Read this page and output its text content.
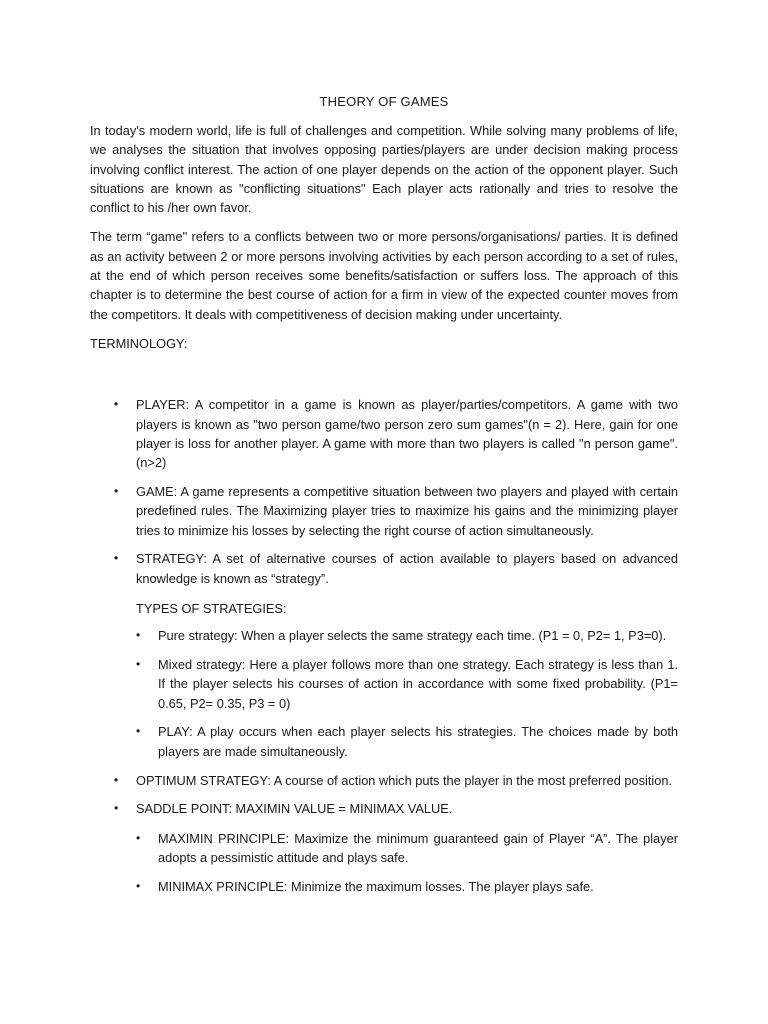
THEORY OF GAMES

In today's modern world, life is full of challenges and competition. While solving many problems of life, we analyses the situation that involves opposing parties/players are under decision making process involving conflict interest. The action of one player depends on the action of the opponent player. Such situations are known as "conflicting situations" Each player acts rationally and tries to resolve the conflict to his /her own favor.

The term “game" refers to a conflicts between two or more persons/organisations/ parties. It is defined as an activity between 2 or more persons involving activities by each person according to a set of rules, at the end of which person receives some benefits/satisfaction or suffers loss. The approach of this chapter is to determine the best course of action for a firm in view of the expected counter moves from the competitors. It deals with competitiveness of decision making under uncertainty.

TERMINOLOGY:

• PLAYER: A competitor in a game is known as player/parties/competitors. A game with two players is known as "two person game/two person zero sum games"(n = 2). Here, gain for one player is loss for another player. A game with more than two players is called "n person game". (n>2)
• GAME: A game represents a competitive situation between two players and played with certain predefined rules. The Maximizing player tries to maximize his gains and the minimizing player tries to minimize his losses by selecting the right course of action simultaneously.
• STRATEGY: A set of alternative courses of action available to players based on advanced knowledge is known as “strategy”.
TYPES OF STRATEGIES:
• Pure strategy: When a player selects the same strategy each time. (P1 = 0, P2= 1, P3=0).
• Mixed strategy: Here a player follows more than one strategy. Each strategy is less than 1. If the player selects his courses of action in accordance with some fixed probability. (P1= 0.65, P2= 0.35, P3 = 0)
• PLAY: A play occurs when each player selects his strategies. The choices made by both players are made simultaneously.
• OPTIMUM STRATEGY: A course of action which puts the player in the most preferred position.
• SADDLE POINT: MAXIMIN VALUE = MINIMAX VALUE.
• MAXIMIN PRINCIPLE: Maximize the minimum guaranteed gain of Player “A”. The player adopts a pessimistic attitude and plays safe.
• MINIMAX PRINCIPLE: Minimize the maximum losses. The player plays safe.
